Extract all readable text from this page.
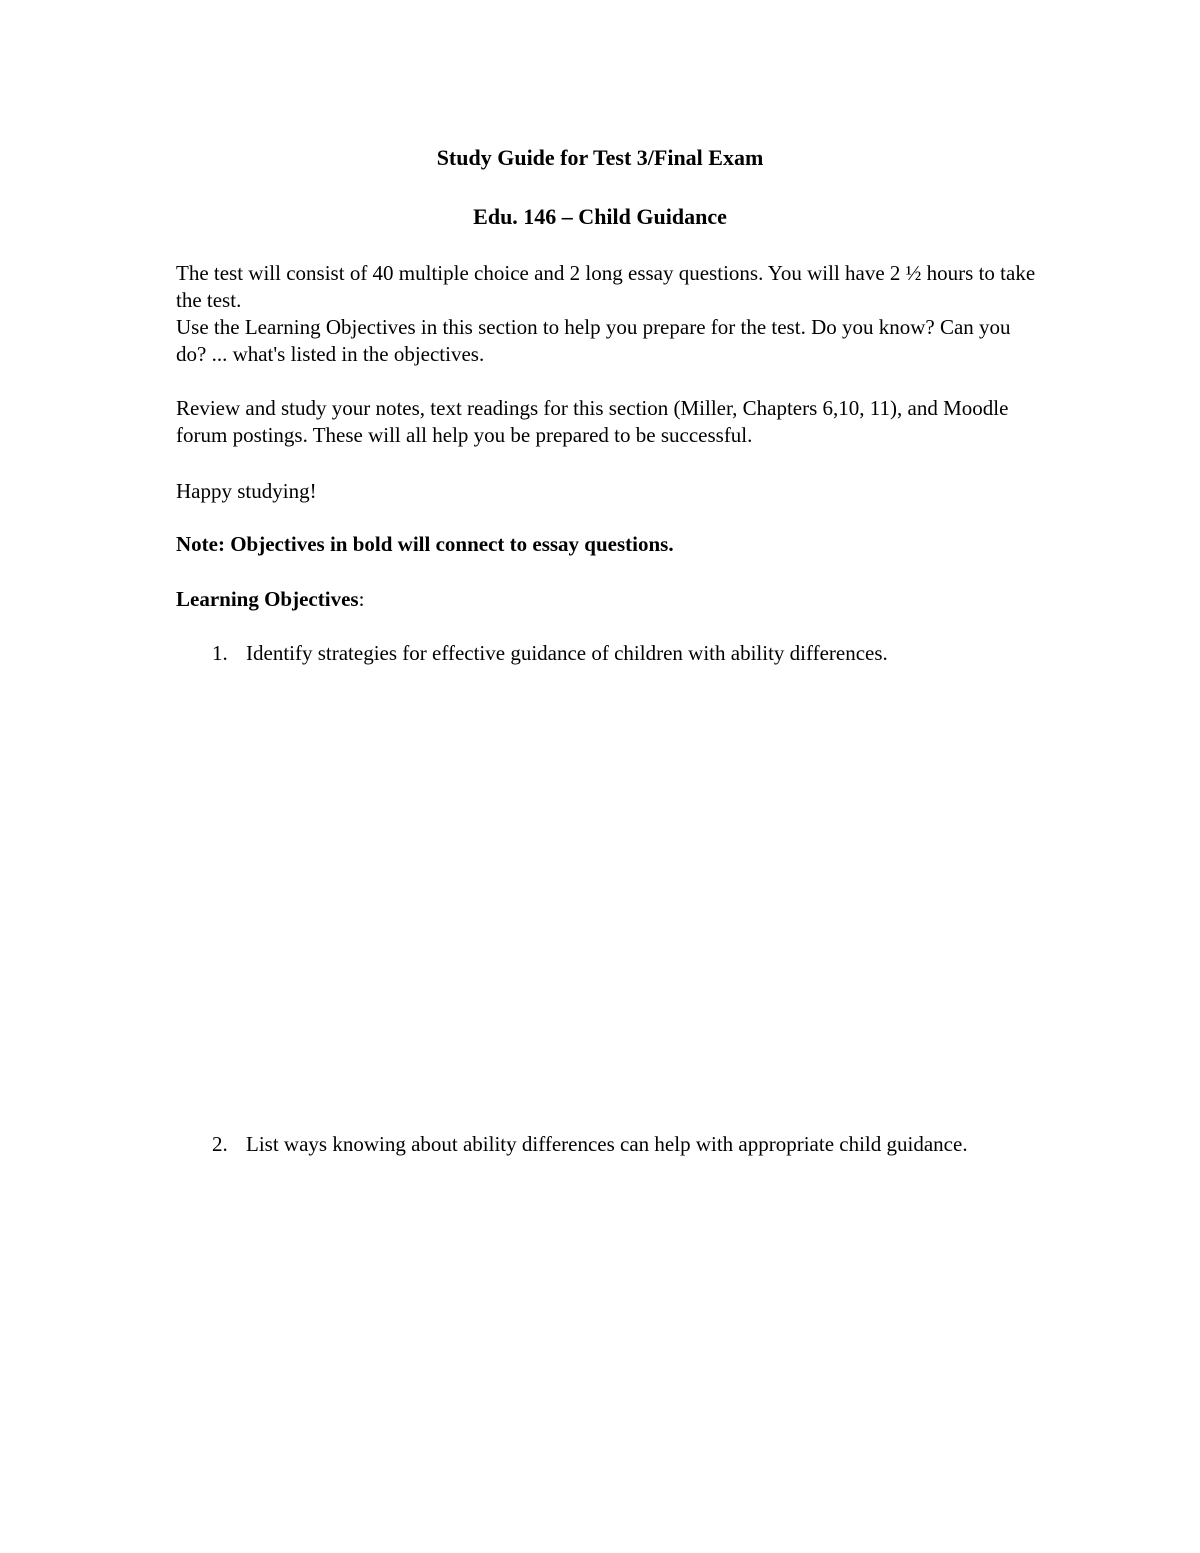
Study Guide for Test 3/Final Exam
Edu. 146 – Child Guidance

The test will consist of 40 multiple choice and 2 long essay questions. You will have 2 ½ hours to take the test.

Use the Learning Objectives in this section to help you prepare for the test. Do you know? Can you do? ... what's listed in the objectives.

Review and study your notes, text readings for this section (Miller, Chapters 6,10, 11), and Moodle forum postings. These will all help you be prepared to be successful.

Happy studying!

Note: Objectives in bold will connect to essay questions.

Learning Objectives:

1. Identify strategies for effective guidance of children with ability differences.
2. List ways knowing about ability differences can help with appropriate child guidance.
